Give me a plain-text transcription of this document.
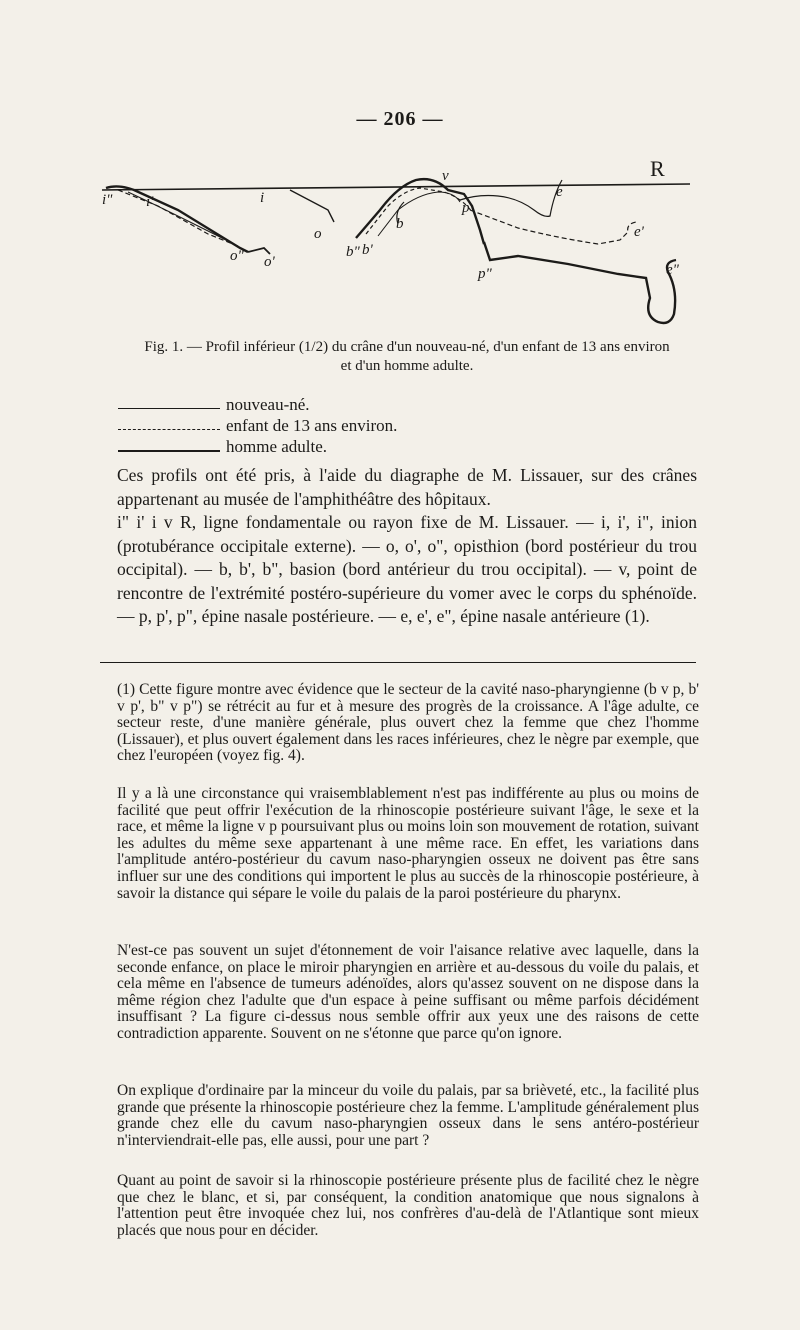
— 206 —
R
v
i
i" i'
o
o" o'
b
b" b'
p
p"
e
e'
e"
Fig. 1. — Profil inférieur (1/2) du crâne d'un nouveau-né, d'un enfant de 13 ans environ
et d'un homme adulte.
nouveau-né.
enfant de 13 ans environ.
homme adulte.

Ces profils ont été pris, à l'aide du diagraphe de M. Lissauer, sur des crânes appartenant au musée de l'amphithéâtre des hôpitaux.

i" i' i v R, ligne fondamentale ou rayon fixe de M. Lissauer. — i, i', i", inion (protubérance occipitale externe). — o, o', o", opisthion (bord postérieur du trou occipital). — b, b', b", basion (bord antérieur du trou occipital). — v, point de rencontre de l'extrémité postéro-supérieure du vomer avec le corps du sphénoïde. — p, p', p", épine nasale postérieure. — e, e', e", épine nasale antérieure (1).

(1) Cette figure montre avec évidence que le secteur de la cavité naso-pharyngienne (b v p, b' v p', b" v p") se rétrécit au fur et à mesure des progrès de la croissance. A l'âge adulte, ce secteur reste, d'une manière générale, plus ouvert chez la femme que chez l'homme (Lissauer), et plus ouvert également dans les races inférieures, chez le nègre par exemple, que chez l'européen (voyez fig. 4).

Il y a là une circonstance qui vraisemblablement n'est pas indifférente au plus ou moins de facilité que peut offrir l'exécution de la rhinoscopie postérieure suivant l'âge, le sexe et la race, et même la ligne v p poursuivant plus ou moins loin son mouvement de rotation, suivant les adultes du même sexe appartenant à une même race. En effet, les variations dans l'amplitude antéro-postérieur du cavum naso-pharyngien osseux ne doivent pas être sans influer sur une des conditions qui importent le plus au succès de la rhinoscopie postérieure, à savoir la distance qui sépare le voile du palais de la paroi postérieure du pharynx.

N'est-ce pas souvent un sujet d'étonnement de voir l'aisance relative avec laquelle, dans la seconde enfance, on place le miroir pharyngien en arrière et au-dessous du voile du palais, et cela même en l'absence de tumeurs adénoïdes, alors qu'assez souvent on ne dispose dans la même région chez l'adulte que d'un espace à peine suffisant ou même parfois décidément insuffisant ? La figure ci-dessus nous semble offrir aux yeux une des raisons de cette contradiction apparente. Souvent on ne s'étonne que parce qu'on ignore.

On explique d'ordinaire par la minceur du voile du palais, par sa brièveté, etc., la facilité plus grande que présente la rhinoscopie postérieure chez la femme. L'amplitude généralement plus grande chez elle du cavum naso-pharyngien osseux dans le sens antéro-postérieur n'interviendrait-elle pas, elle aussi, pour une part ?

Quant au point de savoir si la rhinoscopie postérieure présente plus de facilité chez le nègre que chez le blanc, et si, par conséquent, la condition anatomique que nous signalons à l'attention peut être invoquée chez lui, nos confrères d'au-delà de l'Atlantique sont mieux placés que nous pour en décider.
